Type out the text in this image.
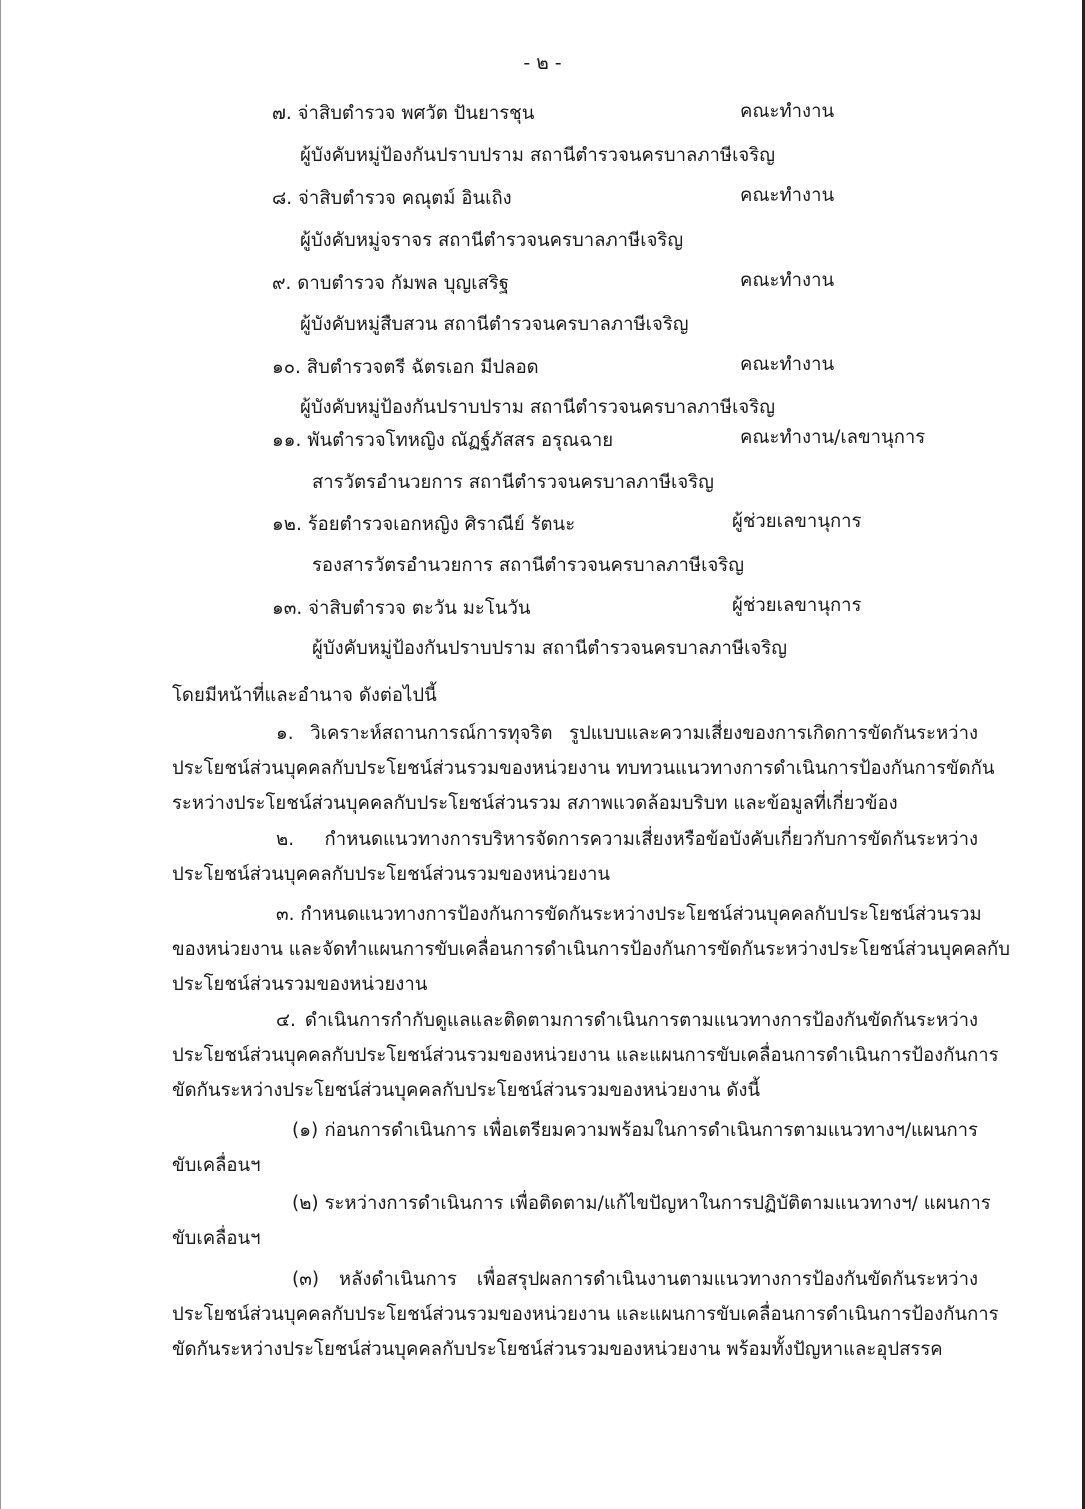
- ๒ -
๗. จ่าสิบตำรวจ พศวัต ปันยารชุน	คณะทำงาน
ผู้บังคับหมู่ป้องกันปราบปราม สถานีตำรวจนครบาลภาษีเจริญ
๘. จ่าสิบตำรวจ คณุตม์ อินเถิง	คณะทำงาน
ผู้บังคับหมู่จราจร สถานีตำรวจนครบาลภาษีเจริญ
๙. ดาบตำรวจ กัมพล บุญเสริฐ	คณะทำงาน
ผู้บังคับหมู่สืบสวน สถานีตำรวจนครบาลภาษีเจริญ
๑๐. สิบตำรวจตรี ฉัตรเอก มีปลอด	คณะทำงาน
ผู้บังคับหมู่ป้องกันปราบปราม สถานีตำรวจนครบาลภาษีเจริญ
๑๑. พันตำรวจโทหญิง ณัฏฐ์ภัสสร อรุณฉาย	คณะทำงาน/เลขานุการ
สารวัตรอำนวยการ สถานีตำรวจนครบาลภาษีเจริญ
๑๒. ร้อยตำรวจเอกหญิง ศิราณีย์ รัตนะ	ผู้ช่วยเลขานุการ
รองสารวัตรอำนวยการ สถานีตำรวจนครบาลภาษีเจริญ
๑๓. จ่าสิบตำรวจ ตะวัน มะโนวัน	ผู้ช่วยเลขานุการ
ผู้บังคับหมู่ป้องกันปราบปราม สถานีตำรวจนครบาลภาษีเจริญ
โดยมีหน้าที่และอำนาจ ดังต่อไปนี้
๑. วิเคราะห์สถานการณ์การทุจริต รูปแบบและความเสี่ยงของการเกิดการขัดกันระหว่าง
ประโยชน์ส่วนบุคคลกับประโยชน์ส่วนรวมของหน่วยงาน ทบทวนแนวทางการดำเนินการป้องกันการขัดกัน
ระหว่างประโยชน์ส่วนบุคคลกับประโยชน์ส่วนรวม สภาพแวดล้อมบริบท และข้อมูลที่เกี่ยวข้อง
๒. กำหนดแนวทางการบริหารจัดการความเสี่ยงหรือข้อบังคับเกี่ยวกับการขัดกันระหว่าง
ประโยชน์ส่วนบุคคลกับประโยชน์ส่วนรวมของหน่วยงาน
๓. กำหนดแนวทางการป้องกันการขัดกันระหว่างประโยชน์ส่วนบุคคลกับประโยชน์ส่วนรวม
ของหน่วยงาน และจัดทำแผนการขับเคลื่อนการดำเนินการป้องกันการขัดกันระหว่างประโยชน์ส่วนบุคคลกับ
ประโยชน์ส่วนรวมของหน่วยงาน
๔. ดำเนินการกำกับดูแลและติดตามการดำเนินการตามแนวทางการป้องกันขัดกันระหว่าง
ประโยชน์ส่วนบุคคลกับประโยชน์ส่วนรวมของหน่วยงาน และแผนการขับเคลื่อนการดำเนินการป้องกันการ
ขัดกันระหว่างประโยชน์ส่วนบุคคลกับประโยชน์ส่วนรวมของหน่วยงาน ดังนี้
(๑) ก่อนการดำเนินการ เพื่อเตรียมความพร้อมในการดำเนินการตามแนวทางฯ/แผนการ
ขับเคลื่อนฯ
(๒) ระหว่างการดำเนินการ เพื่อติดตาม/แก้ไขปัญหาในการปฏิบัติตามแนวทางฯ/ แผนการ
ขับเคลื่อนฯ
(๓) หลังดำเนินการ เพื่อสรุปผลการดำเนินงานตามแนวทางการป้องกันขัดกันระหว่าง
ประโยชน์ส่วนบุคคลกับประโยชน์ส่วนรวมของหน่วยงาน และแผนการขับเคลื่อนการดำเนินการป้องกันการ
ขัดกันระหว่างประโยชน์ส่วนบุคคลกับประโยชน์ส่วนรวมของหน่วยงาน พร้อมทั้งปัญหาและอุปสรรค
